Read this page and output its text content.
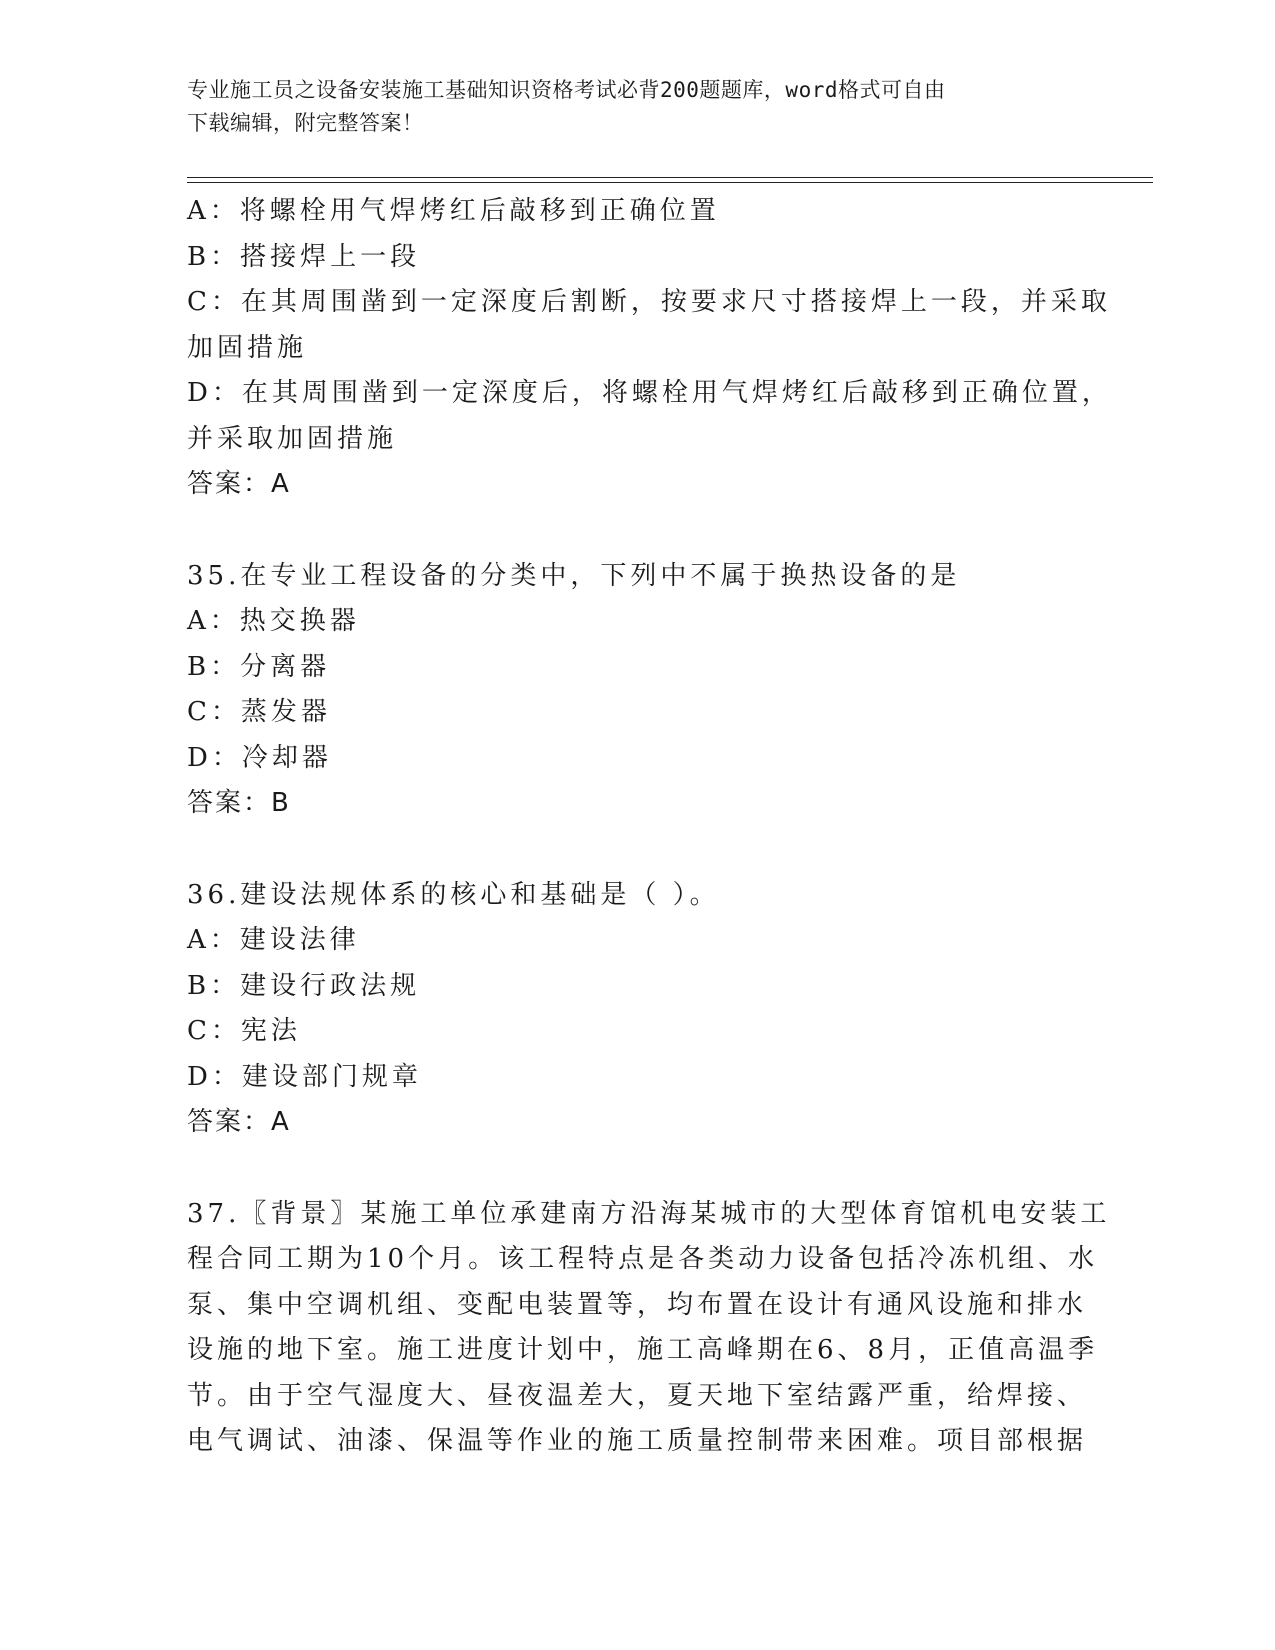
专业施工员之设备安装施工基础知识资格考试必背200题题库，word格式可自由
下载编辑，附完整答案！
A：将螺栓用气焊烤红后敲移到正确位置
B：搭接焊上一段
C：在其周围凿到一定深度后割断，按要求尺寸搭接焊上一段，并采取
加固措施
D：在其周围凿到一定深度后，将螺栓用气焊烤红后敲移到正确位置，
并采取加固措施
答案：A
35.在专业工程设备的分类中，下列中不属于换热设备的是
A：热交换器
B：分离器
C：蒸发器
D：冷却器
答案：B
36.建设法规体系的核心和基础是（ ）。
A：建设法律
B：建设行政法规
C：宪法
D：建设部门规章
答案：A
37.〖背景〗某施工单位承建南方沿海某城市的大型体育馆机电安装工
程合同工期为10个月。该工程特点是各类动力设备包括冷冻机组、水
泵、集中空调机组、变配电装置等，均布置在设计有通风设施和排水
设施的地下室。施工进度计划中，施工高峰期在6、8月，正值高温季
节。由于空气湿度大、昼夜温差大，夏天地下室结露严重，给焊接、
电气调试、油漆、保温等作业的施工质量控制带来困难。项目部根据
